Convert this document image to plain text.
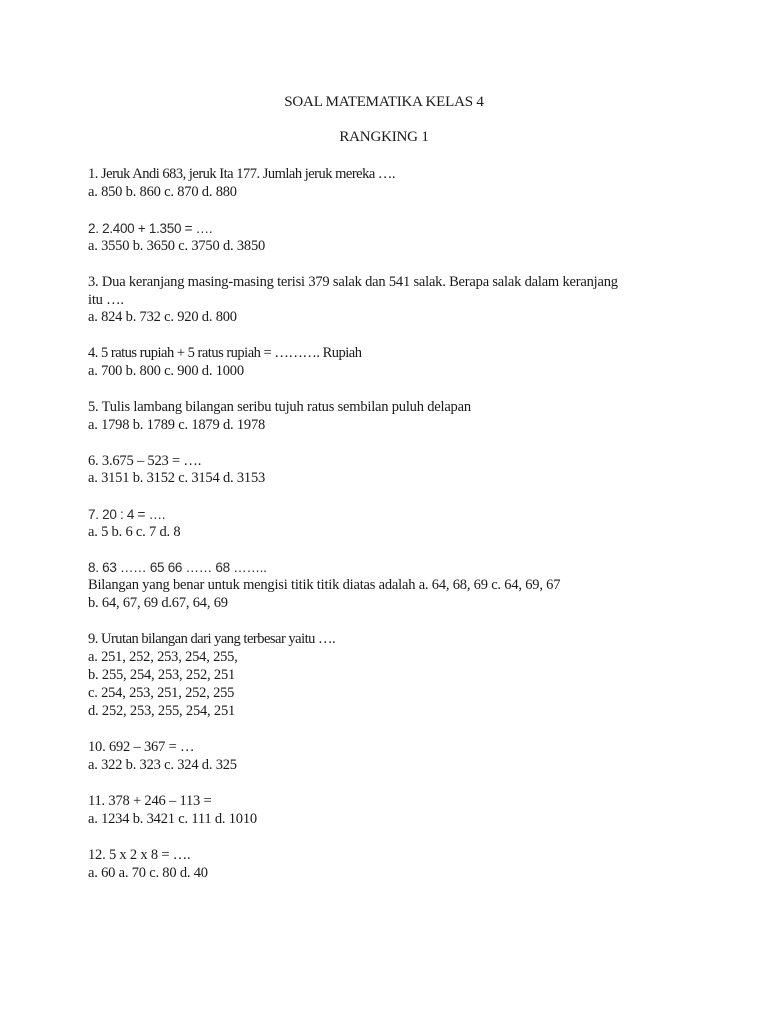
SOAL MATEMATIKA KELAS 4
RANGKING 1
1. Jeruk Andi 683, jeruk Ita 177. Jumlah jeruk mereka ….
a. 850 b. 860 c. 870 d. 880
2. 2.400 + 1.350 = ….
a. 3550 b. 3650 c. 3750 d. 3850
3. Dua keranjang masing-masing terisi 379 salak dan 541 salak. Berapa salak dalam keranjang
itu ….
a. 824 b. 732 c. 920 d. 800
4. 5 ratus rupiah + 5 ratus rupiah = ………. Rupiah
a. 700 b. 800 c. 900 d. 1000
5. Tulis lambang bilangan seribu tujuh ratus sembilan puluh delapan
a. 1798 b. 1789 c. 1879 d. 1978
6. 3.675 – 523 = ….
a. 3151 b. 3152 c. 3154 d. 3153
7. 20 : 4 = ….
a. 5 b. 6 c. 7 d. 8
8. 63 …… 65 66 …… 68 ……..
Bilangan yang benar untuk mengisi titik titik diatas adalah a. 64, 68, 69 c. 64, 69, 67
b. 64, 67, 69 d.67, 64, 69
9. Urutan bilangan dari yang terbesar yaitu ….
a. 251, 252, 253, 254, 255,
b. 255, 254, 253, 252, 251
c. 254, 253, 251, 252, 255
d. 252, 253, 255, 254, 251
10. 692 – 367 = …
a. 322 b. 323 c. 324 d. 325
11. 378 + 246 – 113 =
a. 1234 b. 3421 c. 111 d. 1010
12. 5 x 2 x 8 = ….
a. 60 a. 70 c. 80 d. 40
